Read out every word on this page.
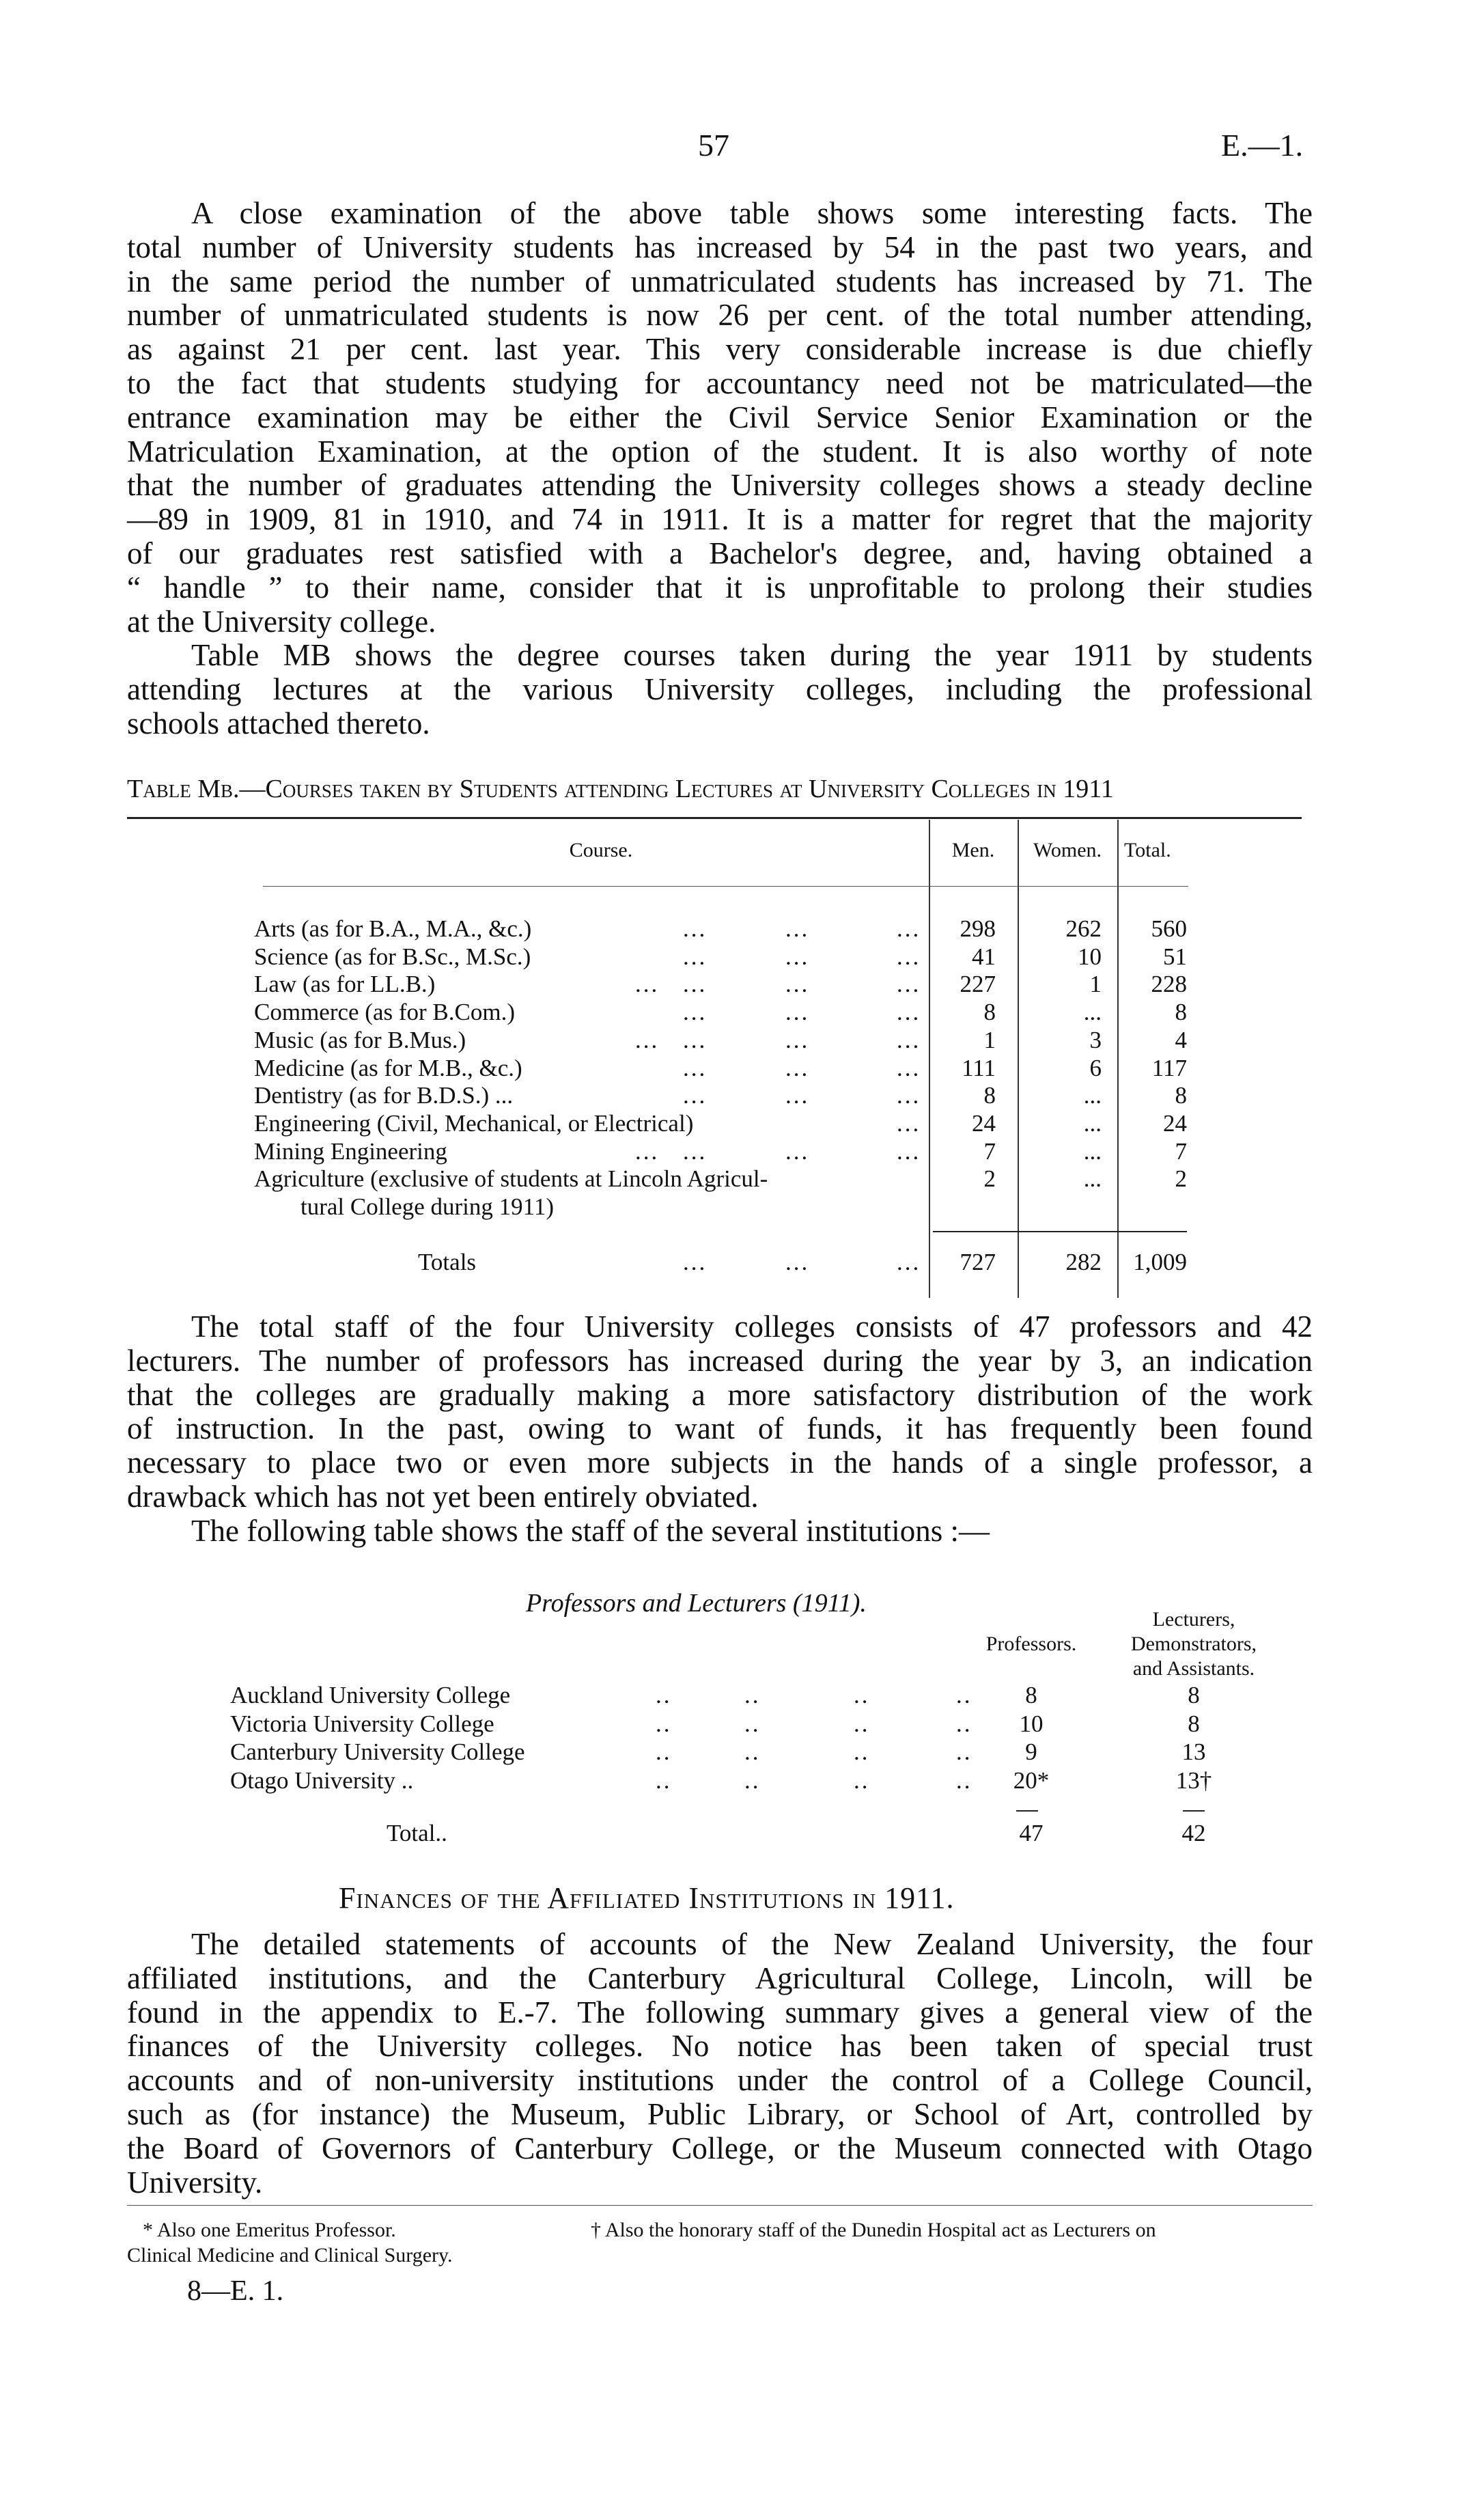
57	E.—1.
A close examination of the above table shows some interesting facts. The
total number of University students has increased by 54 in the past two years, and
in the same period the number of unmatriculated students has increased by 71. The
number of unmatriculated students is now 26 per cent. of the total number attending,
as against 21 per cent. last year. This very considerable increase is due chiefly
to the fact that students studying for accountancy need not be matriculated—the
entrance examination may be either the Civil Service Senior Examination or the
Matriculation Examination, at the option of the student. It is also worthy of note
that the number of graduates attending the University colleges shows a steady decline
—89 in 1909, 81 in 1910, and 74 in 1911. It is a matter for regret that the majority
of our graduates rest satisfied with a Bachelor's degree, and, having obtained a
“ handle ” to their name, consider that it is unprofitable to prolong their studies
at the University college.
Table MB shows the degree courses taken during the year 1911 by students
attending lectures at the various University colleges, including the professional
schools attached thereto.
Table Mb.—Courses taken by Students attending Lectures at University Colleges in 1911
Course.	Men.	Women.	Total.
Arts (as for B.A., M.A., &c.)	...	...	... 298	262 560
Science (as for B.Sc., M.Sc.)	...	...	... 41	10	51
Law (as for LL.B.)	... ...	...	... 227	1 228
Commerce (as for B.Com.)	...	...	...	8	...	8
Music (as for B.Mus.)	... ...	...	...	1	3	4
Medicine (as for M.B., &c.)	...	...	... 111	6 117
Dentistry (as for B.D.S.) ...	...	...	...	8	...	8
Engineering (Civil, Mechanical, or Electrical)	... 24	...	24
Mining Engineering	... ...	...	...	7	...	7
Agriculture (exclusive of students at Lincoln Agricul-
tural College during 1911)
2	...	2
Totals	...	...	... 727	282 1,009
The total staff of the four University colleges consists of 47 professors and 42
lecturers. The number of professors has increased during the year by 3, an indication
that the colleges are gradually making a more satisfactory distribution of the work
of instruction. In the past, owing to want of funds, it has frequently been found
necessary to place two or even more subjects in the hands of a single professor, a
drawback which has not yet been entirely obviated.
The following table shows the staff of the several institutions :—
Professors and Lecturers (1911).
Professors.
Lecturers,
Demonstrators,
and Assistants.
Auckland University College	..	..	..	..	8	8
Victoria University College	..	..	..	..	10	8
Canterbury University College	..	..	..	..	9	13
Otago University ..	..	..	..	..	20*	13†
Total..	47	42
Finances of the Affiliated Institutions in 1911.
The detailed statements of accounts of the New Zealand University, the four
affiliated institutions, and the Canterbury Agricultural College, Lincoln, will be
found in the appendix to E.-7. The following summary gives a general view of the
finances of the University colleges. No notice has been taken of special trust
accounts and of non-university institutions under the control of a College Council,
such as (for instance) the Museum, Public Library, or School of Art, controlled by
the Board of Governors of Canterbury College, or the Museum connected with Otago
University.
* Also one Emeritus Professor.	† Also the honorary staff of the Dunedin Hospital act as Lecturers on
Clinical Medicine and Clinical Surgery.
8—E. 1.
